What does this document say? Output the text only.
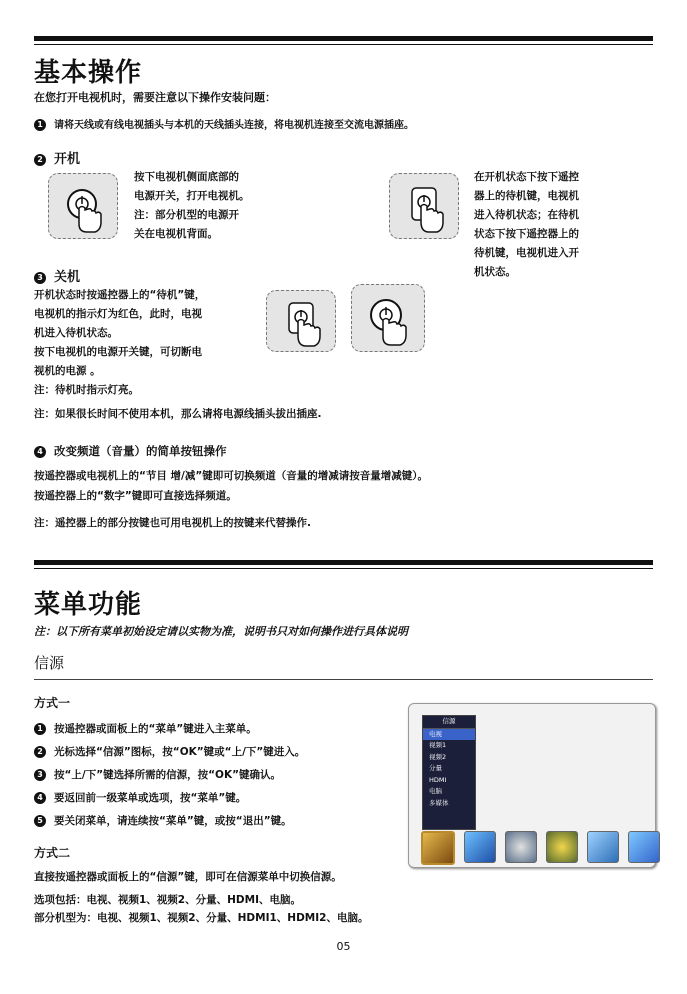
基本操作
在您打开电视机时，需要注意以下操作安装问题：
1 请将天线或有线电视插头与本机的天线插头连接，将电视机连接至交流电源插座。
2 开机
按下电视机侧面底部的
电源开关，打开电视机。
注：部分机型的电源开
关在电视机背面。
在开机状态下按下遥控
器上的待机键，电视机
进入待机状态；在待机
状态下按下遥控器上的
待机键，电视机进入开
机状态。
3 关机
开机状态时按遥控器上的“待机”键，
电视机的指示灯为红色，此时，电视
机进入待机状态。
按下电视机的电源开关键，可切断电
视机的电源 。
注：待机时指示灯亮。
注：如果很长时间不使用本机，那么请将电源线插头拔出插座.
4 改变频道（音量）的简单按钮操作
按遥控器或电视机上的“节目 增/减”键即可切换频道（音量的增减请按音量增减键）。
按遥控器上的“数字”键即可直接选择频道。
注：遥控器上的部分按键也可用电视机上的按键来代替操作.
菜单功能
注：以下所有菜单初始设定请以实物为准，说明书只对如何操作进行具体说明
信源
方式一
1 按遥控器或面板上的“菜单”键进入主菜单。
2 光标选择“信源”图标，按“OK”键或“上/下”键进入。
3 按“上/下”键选择所需的信源，按“OK”键确认。
4 要返回前一级菜单或选项，按“菜单”键。
5 要关闭菜单，请连续按“菜单”键，或按“退出”键。
信源
电视
视频1
视频2
分量
HDMI
电脑
多媒体
方式二
直接按遥控器或面板上的“信源”键，即可在信源菜单中切换信源。
选项包括：电视、视频1、视频2、分量、HDMI、电脑。
部分机型为：电视、视频1、视频2、分量、HDMI1、HDMI2、电脑。
05
